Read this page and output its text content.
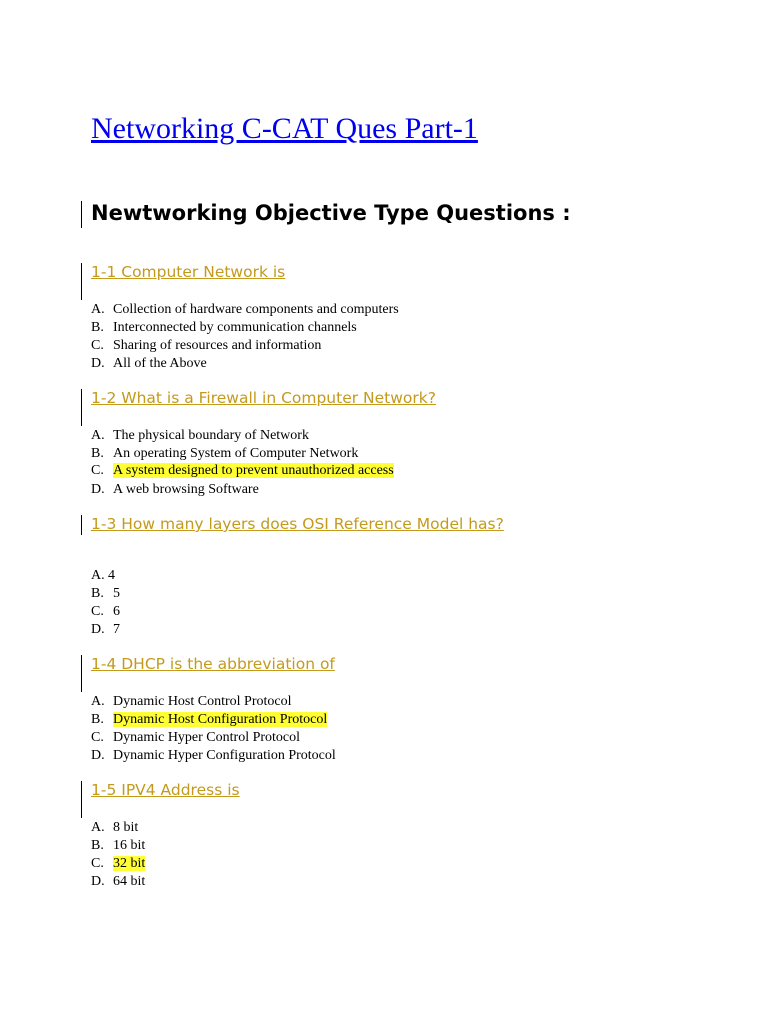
Networking C-CAT Ques Part-1
Newtworking Objective Type Questions :
1-1 Computer Network is
A. Collection of hardware components and computers
B. Interconnected by communication channels
C. Sharing of resources and information
D. All of the Above
1-2 What is a Firewall in Computer Network?
A. The physical boundary of Network
B. An operating System of Computer Network
C. A system designed to prevent unauthorized access
D. A web browsing Software
1-3 How many layers does OSI Reference Model has?
A. 4
B. 5
C. 6
D. 7
1-4 DHCP is the abbreviation of
A. Dynamic Host Control Protocol
B. Dynamic Host Configuration Protocol
C. Dynamic Hyper Control Protocol
D. Dynamic Hyper Configuration Protocol
1-5 IPV4 Address is
A. 8 bit
B. 16 bit
C. 32 bit
D. 64 bit
